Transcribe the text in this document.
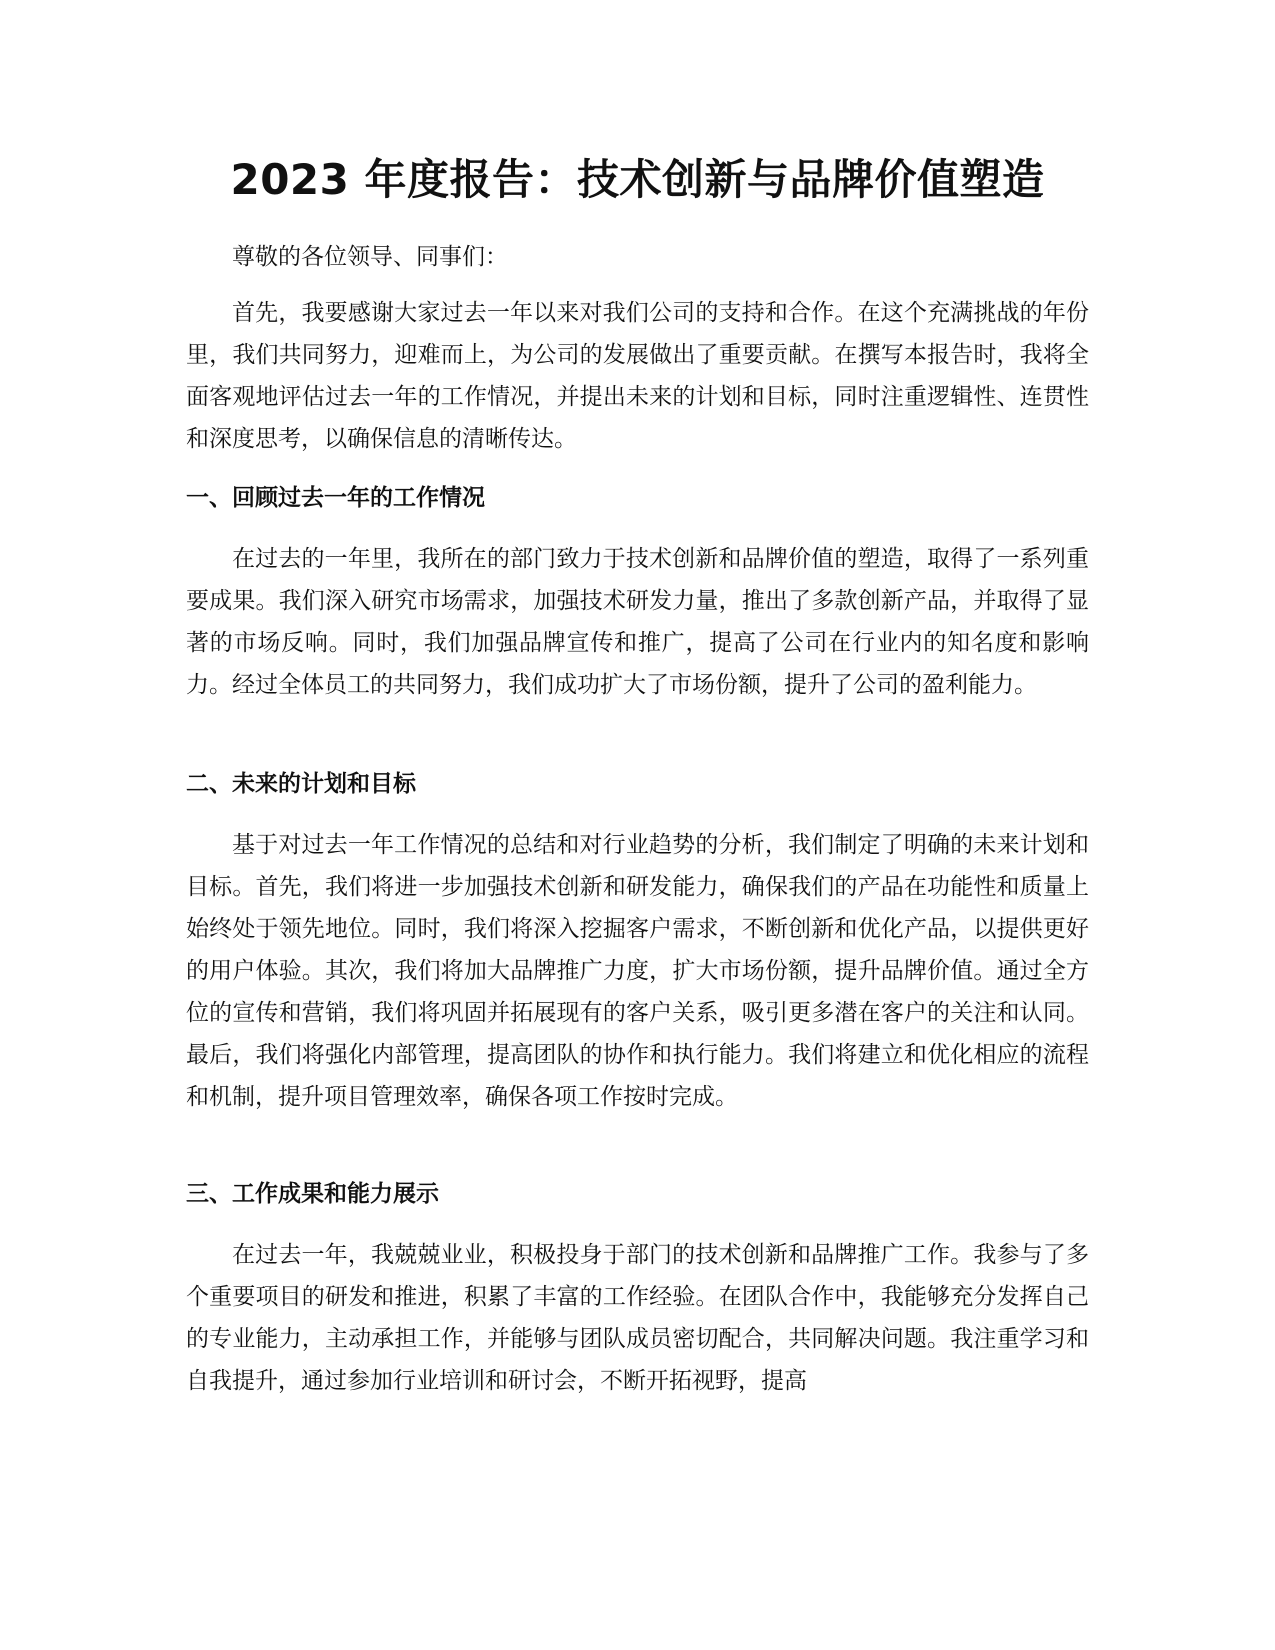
2023 年度报告：技术创新与品牌价值塑造

尊敬的各位领导、同事们：

首先，我要感谢大家过去一年以来对我们公司的支持和合作。在这个充满挑战的年份里，我们共同努力，迎难而上，为公司的发展做出了重要贡献。在撰写本报告时，我将全面客观地评估过去一年的工作情况，并提出未来的计划和目标，同时注重逻辑性、连贯性和深度思考，以确保信息的清晰传达。

一、回顾过去一年的工作情况

在过去的一年里，我所在的部门致力于技术创新和品牌价值的塑造，取得了一系列重要成果。我们深入研究市场需求，加强技术研发力量，推出了多款创新产品，并取得了显著的市场反响。同时，我们加强品牌宣传和推广，提高了公司在行业内的知名度和影响力。经过全体员工的共同努力，我们成功扩大了市场份额，提升了公司的盈利能力。

二、未来的计划和目标

基于对过去一年工作情况的总结和对行业趋势的分析，我们制定了明确的未来计划和目标。首先，我们将进一步加强技术创新和研发能力，确保我们的产品在功能性和质量上始终处于领先地位。同时，我们将深入挖掘客户需求，不断创新和优化产品，以提供更好的用户体验。其次，我们将加大品牌推广力度，扩大市场份额，提升品牌价值。通过全方位的宣传和营销，我们将巩固并拓展现有的客户关系，吸引更多潜在客户的关注和认同。最后，我们将强化内部管理，提高团队的协作和执行能力。我们将建立和优化相应的流程和机制，提升项目管理效率，确保各项工作按时完成。

三、工作成果和能力展示

在过去一年，我兢兢业业，积极投身于部门的技术创新和品牌推广工作。我参与了多个重要项目的研发和推进，积累了丰富的工作经验。在团队合作中，我能够充分发挥自己的专业能力，主动承担工作，并能够与团队成员密切配合，共同解决问题。我注重学习和自我提升，通过参加行业培训和研讨会，不断开拓视野，提高
